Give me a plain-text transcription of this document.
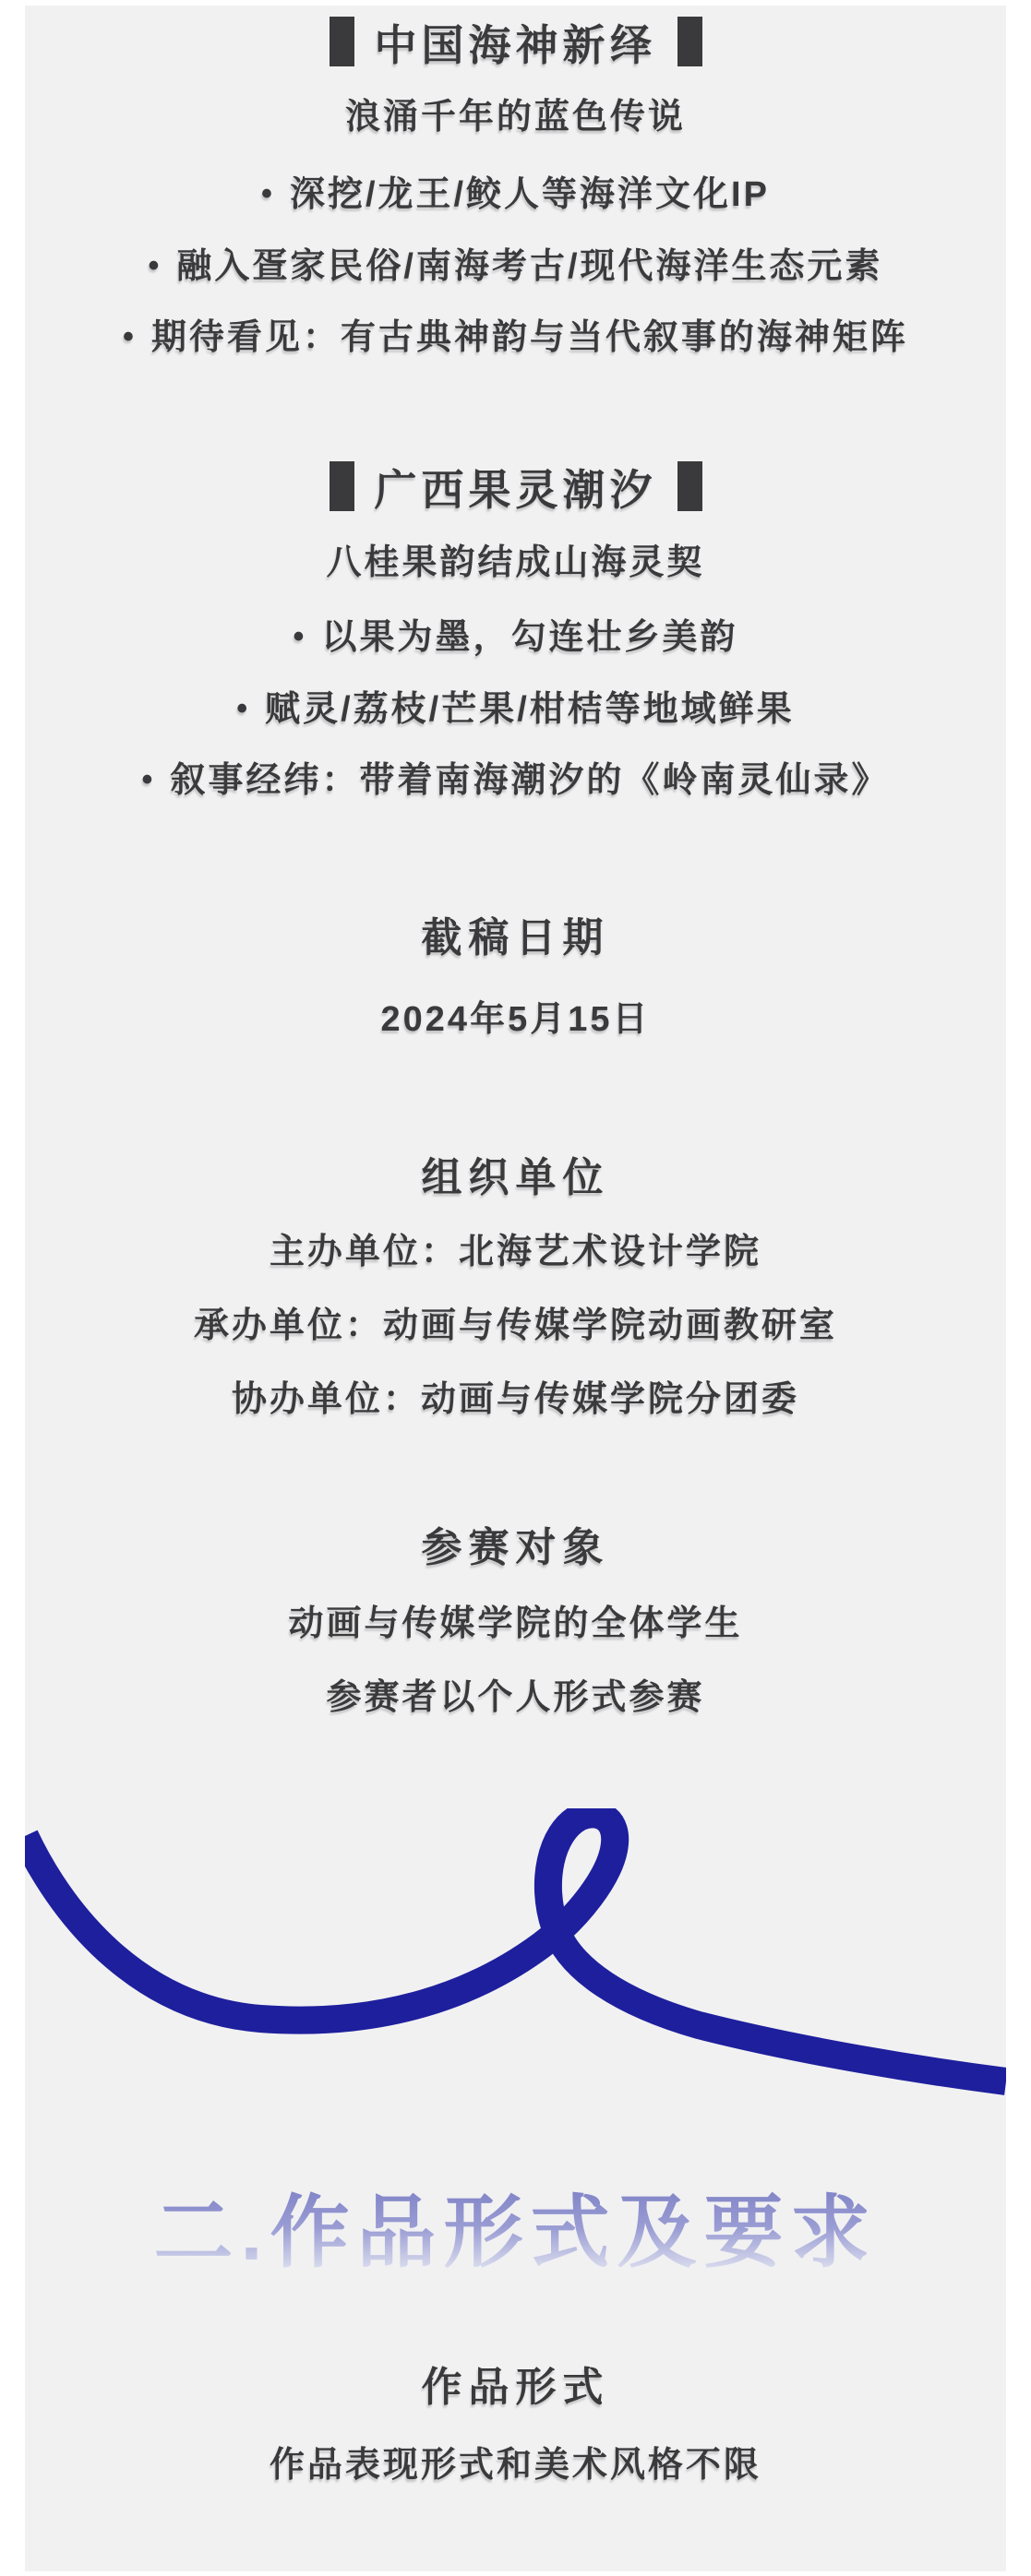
中国海神新绎
浪涌千年的蓝色传说
• 深挖/龙王/鲛人等海洋文化IP
• 融入疍家民俗/南海考古/现代海洋生态元素
• 期待看见：有古典神韵与当代叙事的海神矩阵
广西果灵潮汐
八桂果韵结成山海灵契
• 以果为墨，勾连壮乡美韵
• 赋灵/荔枝/芒果/柑桔等地域鲜果
• 叙事经纬：带着南海潮汐的《岭南灵仙录》
截稿日期
2024年5月15日
组织单位
主办单位：北海艺术设计学院
承办单位：动画与传媒学院动画教研室
协办单位：动画与传媒学院分团委
参赛对象
动画与传媒学院的全体学生
参赛者以个人形式参赛
二.作品形式及要求
作品形式
作品表现形式和美术风格不限
